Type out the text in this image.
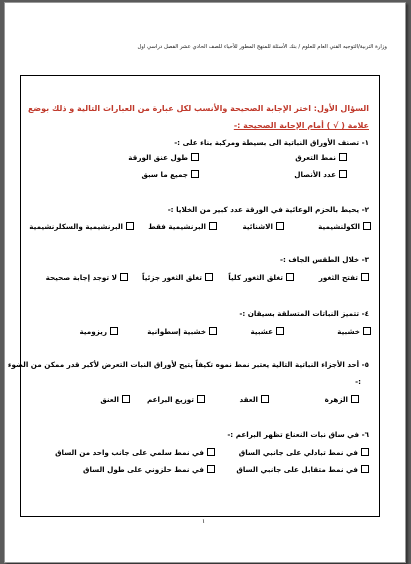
وزارة التربية/التوجيه الفني العام للعلوم / بنك الأسئلة للمنهج المطور للأحياء للصف الحادي عشر الفصل دراسي اول
السؤال الأول: اختر الإجابة الصحيحة والأنسب لكل عبارة من العبارات التالية و ذلك بوضع
علامة ( √ ) أمام الإجابة الصحيحة :-
١- تصنف الأوراق النباتية الى بسيطة ومركبة بناء على :-
نمط التعرق
طول عنق الورقة
عدد الأنصال
جميع ما سبق
٢- يحيط بالحزم الوعائية في الورقة عدد كبير من الخلايا :-
الكولنشيمية
الاشنائية
البرنشيمية فقط
البرنشيمية والسكلرنشيمية
٣- خلال الطقس الجاف :-
تفتح الثغور
تغلق الثغور كلياً
تغلق الثغور جزئياً
لا توجد إجابة صحيحة
٤- تتميز النباتات المتسلقة بسيقان :-
خشبية
عشبية
خشبية إسطوانية
ريزومية
٥- أحد الأجزاء النباتية التالية يعتبر نمط نموه تكيفاً يتيح لأوراق النبات التعرض لأكبر قدر ممكن من الضوء
:-
الزهرة
العقد
توزيع البراعم
العنق
٦- في ساق نبات النعناع تظهر البراعم :-
في نمط تبادلي على جانبي الساق
في نمط سلمي على جانب واحد من الساق
في نمط متقابل على جانبي الساق
في نمط حلزوني على طول الساق
١
